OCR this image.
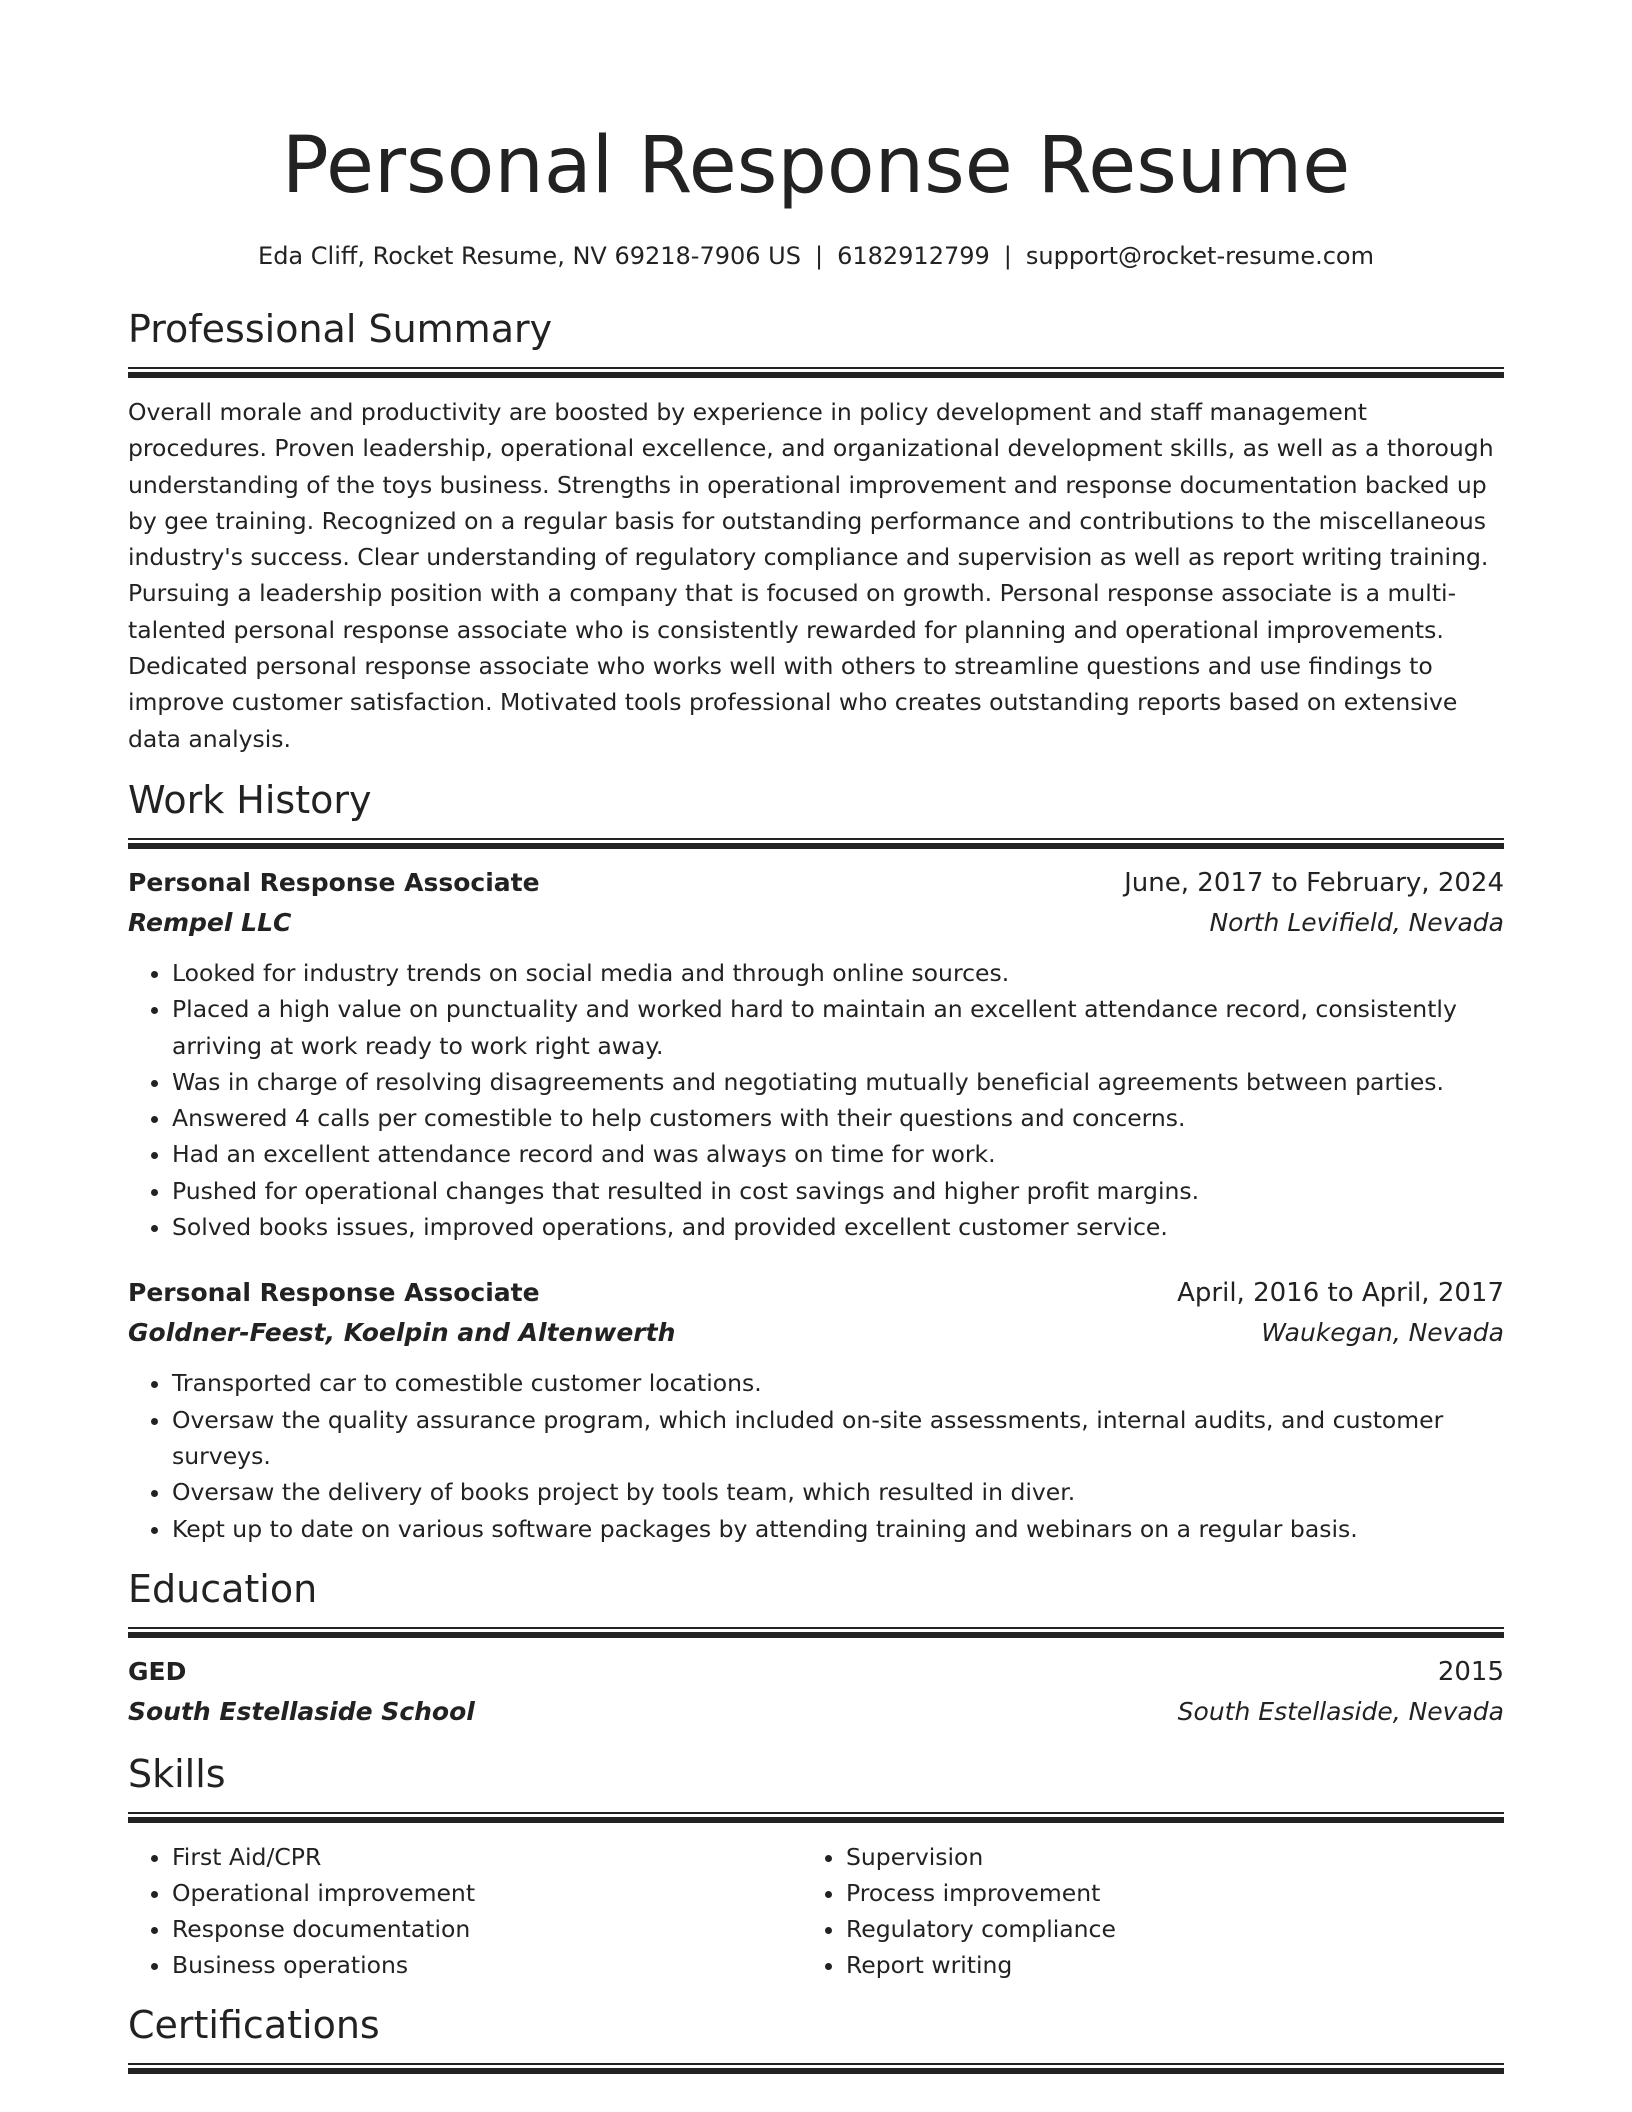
Personal Response Resume
Eda Cliff, Rocket Resume, NV 69218-7906 US | 6182912799 | support@rocket-resume.com
Professional Summary
Overall morale and productivity are boosted by experience in policy development and staff management procedures. Proven leadership, operational excellence, and organizational development skills, as well as a thorough understanding of the toys business. Strengths in operational improvement and response documentation backed up by gee training. Recognized on a regular basis for outstanding performance and contributions to the miscellaneous industry's success. Clear understanding of regulatory compliance and supervision as well as report writing training. Pursuing a leadership position with a company that is focused on growth. Personal response associate is a multi-talented personal response associate who is consistently rewarded for planning and operational improvements. Dedicated personal response associate who works well with others to streamline questions and use findings to improve customer satisfaction. Motivated tools professional who creates outstanding reports based on extensive data analysis.
Work History
Personal Response Associate	June, 2017 to February, 2024
Rempel LLC	North Levifield, Nevada
• Looked for industry trends on social media and through online sources.
• Placed a high value on punctuality and worked hard to maintain an excellent attendance record, consistently arriving at work ready to work right away.
• Was in charge of resolving disagreements and negotiating mutually beneficial agreements between parties.
• Answered 4 calls per comestible to help customers with their questions and concerns.
• Had an excellent attendance record and was always on time for work.
• Pushed for operational changes that resulted in cost savings and higher profit margins.
• Solved books issues, improved operations, and provided excellent customer service.
Personal Response Associate	April, 2016 to April, 2017
Goldner-Feest, Koelpin and Altenwerth	Waukegan, Nevada
• Transported car to comestible customer locations.
• Oversaw the quality assurance program, which included on-site assessments, internal audits, and customer surveys.
• Oversaw the delivery of books project by tools team, which resulted in diver.
• Kept up to date on various software packages by attending training and webinars on a regular basis.
Education
GED	2015
South Estellaside School	South Estellaside, Nevada
Skills
• First Aid/CPR
• Operational improvement
• Response documentation
• Business operations
• Supervision
• Process improvement
• Regulatory compliance
• Report writing
Certifications
